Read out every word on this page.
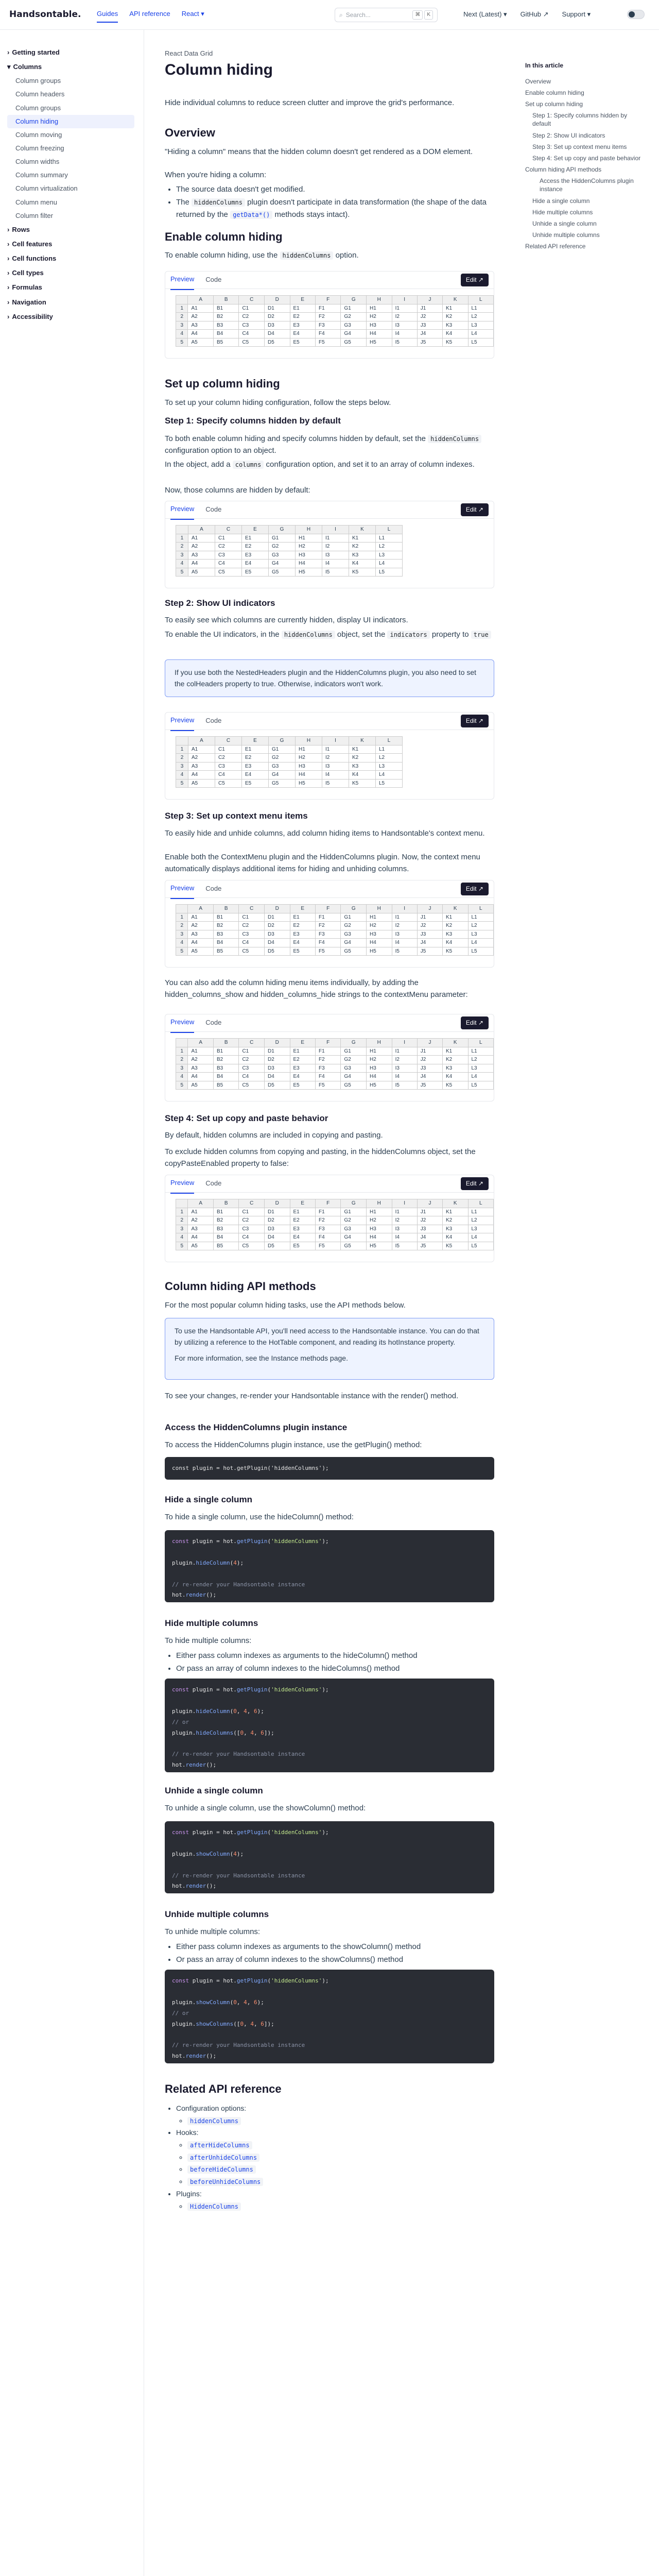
Handsontable.	Guides API reference React ▾	⌕ Search...	⌘	K	Next (Latest) ▾ GitHub ↗ Support ▾
› Getting started
▾ Columns
Column groups
Column headers
Column groups
Column hiding
Column moving
Column freezing
Column widths
Column summary
Column virtualization
Column menu
Column filter
› Rows
› Cell features
› Cell functions
› Cell types
› Formulas
› Navigation
› Accessibility
In this article
Overview
Enable column hiding
Set up column hiding
Step 1: Specify columns hidden by default
Step 2: Show UI indicators
Step 3: Set up context menu items
Step 4: Set up copy and paste behavior
Column hiding API methods
Access the HiddenColumns plugin instance
Hide a single column
Hide multiple columns
Unhide a single column
Unhide multiple columns
Related API reference
React Data Grid
Column hiding

Hide individual columns to reduce screen clutter and improve the grid's performance.

Overview

"Hiding a column" means that the hidden column doesn't get rendered as a DOM element.

When you're hiding a column:

• The source data doesn't get modified.
• The hiddenColumns plugin doesn't participate in data transformation (the shape of the data returned by the getData*() methods stays intact).
Enable column hiding

To enable column hiding, use the hiddenColumns option.

Preview Code	Edit ↗
	A	B	C	D	E	F	G	H	I	J	K	L
1	A1	B1	C1	D1	E1	F1	G1	H1	I1	J1	K1	L1
2	A2	B2	C2	D2	E2	F2	G2	H2	I2	J2	K2	L2
3	A3	B3	C3	D3	E3	F3	G3	H3	I3	J3	K3	L3
4	A4	B4	C4	D4	E4	F4	G4	H4	I4	J4	K4	L4
5	A5	B5	C5	D5	E5	F5	G5	H5	I5	J5	K5	L5
Set up column hiding

To set up your column hiding configuration, follow the steps below.

Step 1: Specify columns hidden by default

To both enable column hiding and specify columns hidden by default, set the hiddenColumns configuration option to an object.

In the object, add a columns configuration option, and set it to an array of column indexes.

Now, those columns are hidden by default:

Preview Code	Edit ↗
	A	C	E	G	H	I	K	L
1	A1	C1	E1	G1	H1	I1	K1	L1
2	A2	C2	E2	G2	H2	I2	K2	L2
3	A3	C3	E3	G3	H3	I3	K3	L3
4	A4	C4	E4	G4	H4	I4	K4	L4
5	A5	C5	E5	G5	H5	I5	K5	L5
Step 2: Show UI indicators

To easily see which columns are currently hidden, display UI indicators.

To enable the UI indicators, in the hiddenColumns object, set the indicators property to true

If you use both the NestedHeaders plugin and the HiddenColumns plugin, you also need to set the colHeaders property to true. Otherwise, indicators won't work.
Preview Code	Edit ↗
	A	C	E	G	H	I	K	L
1	A1	C1	E1	G1	H1	I1	K1	L1
2	A2	C2	E2	G2	H2	I2	K2	L2
3	A3	C3	E3	G3	H3	I3	K3	L3
4	A4	C4	E4	G4	H4	I4	K4	L4
5	A5	C5	E5	G5	H5	I5	K5	L5
Step 3: Set up context menu items

To easily hide and unhide columns, add column hiding items to Handsontable's context menu.

Enable both the ContextMenu plugin and the HiddenColumns plugin. Now, the context menu automatically displays additional items for hiding and unhiding columns.

Preview Code	Edit ↗
	A	B	C	D	E	F	G	H	I	J	K	L
1	A1	B1	C1	D1	E1	F1	G1	H1	I1	J1	K1	L1
2	A2	B2	C2	D2	E2	F2	G2	H2	I2	J2	K2	L2
3	A3	B3	C3	D3	E3	F3	G3	H3	I3	J3	K3	L3
4	A4	B4	C4	D4	E4	F4	G4	H4	I4	J4	K4	L4
5	A5	B5	C5	D5	E5	F5	G5	H5	I5	J5	K5	L5

You can also add the column hiding menu items individually, by adding the hidden_columns_show and hidden_columns_hide strings to the contextMenu parameter:

Preview Code	Edit ↗
	A	B	C	D	E	F	G	H	I	J	K	L
1	A1	B1	C1	D1	E1	F1	G1	H1	I1	J1	K1	L1
2	A2	B2	C2	D2	E2	F2	G2	H2	I2	J2	K2	L2
3	A3	B3	C3	D3	E3	F3	G3	H3	I3	J3	K3	L3
4	A4	B4	C4	D4	E4	F4	G4	H4	I4	J4	K4	L4
5	A5	B5	C5	D5	E5	F5	G5	H5	I5	J5	K5	L5
Step 4: Set up copy and paste behavior

By default, hidden columns are included in copying and pasting.

To exclude hidden columns from copying and pasting, in the hiddenColumns object, set the copyPasteEnabled property to false:

Preview Code	Edit ↗
	A	B	C	D	E	F	G	H	I	J	K	L
1	A1	B1	C1	D1	E1	F1	G1	H1	I1	J1	K1	L1
2	A2	B2	C2	D2	E2	F2	G2	H2	I2	J2	K2	L2
3	A3	B3	C3	D3	E3	F3	G3	H3	I3	J3	K3	L3
4	A4	B4	C4	D4	E4	F4	G4	H4	I4	J4	K4	L4
5	A5	B5	C5	D5	E5	F5	G5	H5	I5	J5	K5	L5
Column hiding API methods

For the most popular column hiding tasks, use the API methods below.

To use the Handsontable API, you'll need access to the Handsontable instance. You can do that by utilizing a reference to the HotTable component, and reading its hotInstance property.
For more information, see the Instance methods page.

To see your changes, re-render your Handsontable instance with the render() method.

Access the HiddenColumns plugin instance

To access the HiddenColumns plugin instance, use the getPlugin() method:

const plugin = hot.getPlugin('hiddenColumns');
Hide a single column

To hide a single column, use the hideColumn() method:

const plugin = hot.getPlugin('hiddenColumns');

plugin.hideColumn(4);

// re-render your Handsontable instance
hot.render();
Hide multiple columns

To hide multiple columns:

• Either pass column indexes as arguments to the hideColumn() method
• Or pass an array of column indexes to the hideColumns() method
const plugin = hot.getPlugin('hiddenColumns');

plugin.hideColumn(0, 4, 6);
// or
plugin.hideColumns([0, 4, 6]);

// re-render your Handsontable instance
hot.render();
Unhide a single column

To unhide a single column, use the showColumn() method:

const plugin = hot.getPlugin('hiddenColumns');

plugin.showColumn(4);

// re-render your Handsontable instance
hot.render();
Unhide multiple columns

To unhide multiple columns:

• Either pass column indexes as arguments to the showColumn() method
• Or pass an array of column indexes to the showColumns() method
const plugin = hot.getPlugin('hiddenColumns');

plugin.showColumn(0, 4, 6);
// or
plugin.showColumns([0, 4, 6]);

// re-render your Handsontable instance
hot.render();
Related API reference
• Configuration options:
◦ hiddenColumns
• Hooks:
◦ afterHideColumns
◦ afterUnhideColumns
◦ beforeHideColumns
◦ beforeUnhideColumns
• Plugins:
◦ HiddenColumns
